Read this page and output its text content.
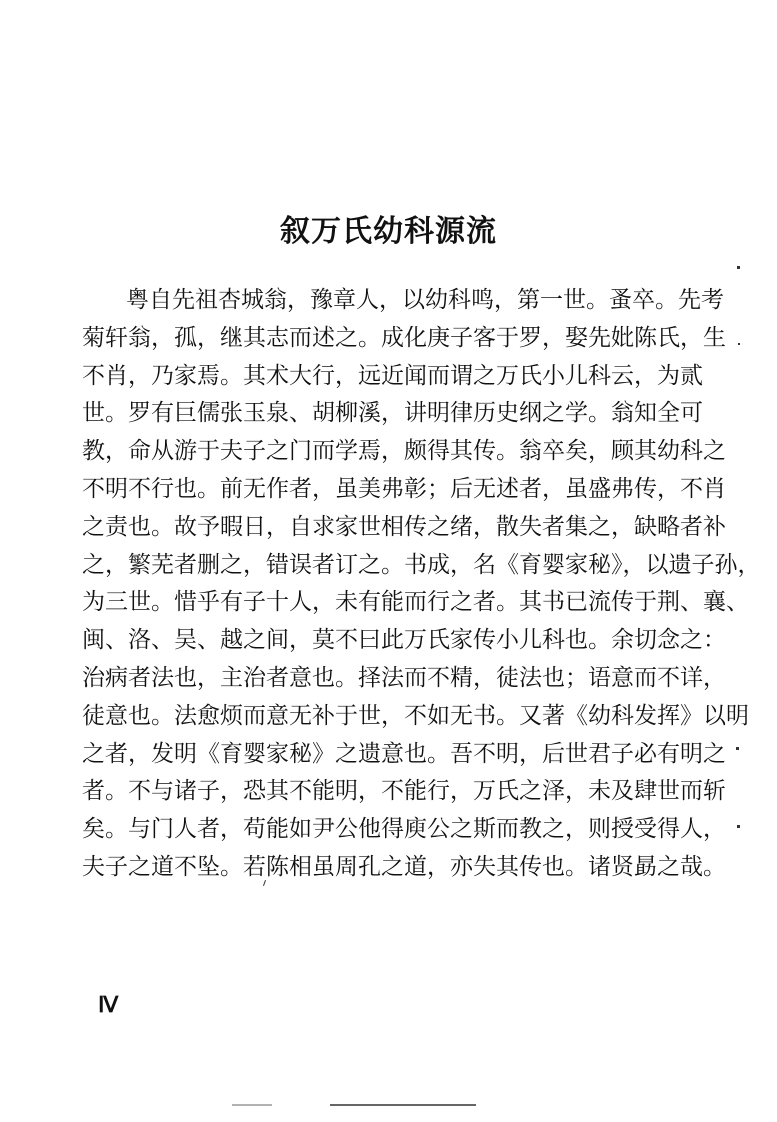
叙万氏幼科源流
粤自先祖杏城翁，豫章人，以幼科鸣，第一世。蚤卒。先考
菊轩翁，孤，继其志而述之。成化庚子客于罗，娶先妣陈氏，生
不肖，乃家焉。其术大行，远近闻而谓之万氏小儿科云，为贰
世。罗有巨儒张玉泉、胡柳溪，讲明律历史纲之学。翁知全可
教，命从游于夫子之门而学焉，颇得其传。翁卒矣，顾其幼科之
不明不行也。前无作者，虽美弗彰；后无述者，虽盛弗传，不肖
之责也。故予暇日，自求家世相传之绪，散失者集之，缺略者补
之，繁芜者删之，错误者订之。书成，名《育婴家秘》，以遗子孙，
为三世。惜乎有子十人，未有能而行之者。其书已流传于荆、襄、
闽、洛、吴、越之间，莫不曰此万氏家传小儿科也。余切念之：
治病者法也，主治者意也。择法而不精，徒法也；语意而不详，
徒意也。法愈烦而意无补于世，不如无书。又著《幼科发挥》以明
之者，发明《育婴家秘》之遗意也。吾不明，后世君子必有明之
者。不与诸子，恐其不能明，不能行，万氏之泽，未及肆世而斩
矣。与门人者，苟能如尹公他得庾公之斯而教之，则授受得人，
夫子之道不坠。若陈相虽周孔之道，亦失其传也。诸贤勗之哉。
Ⅳ
